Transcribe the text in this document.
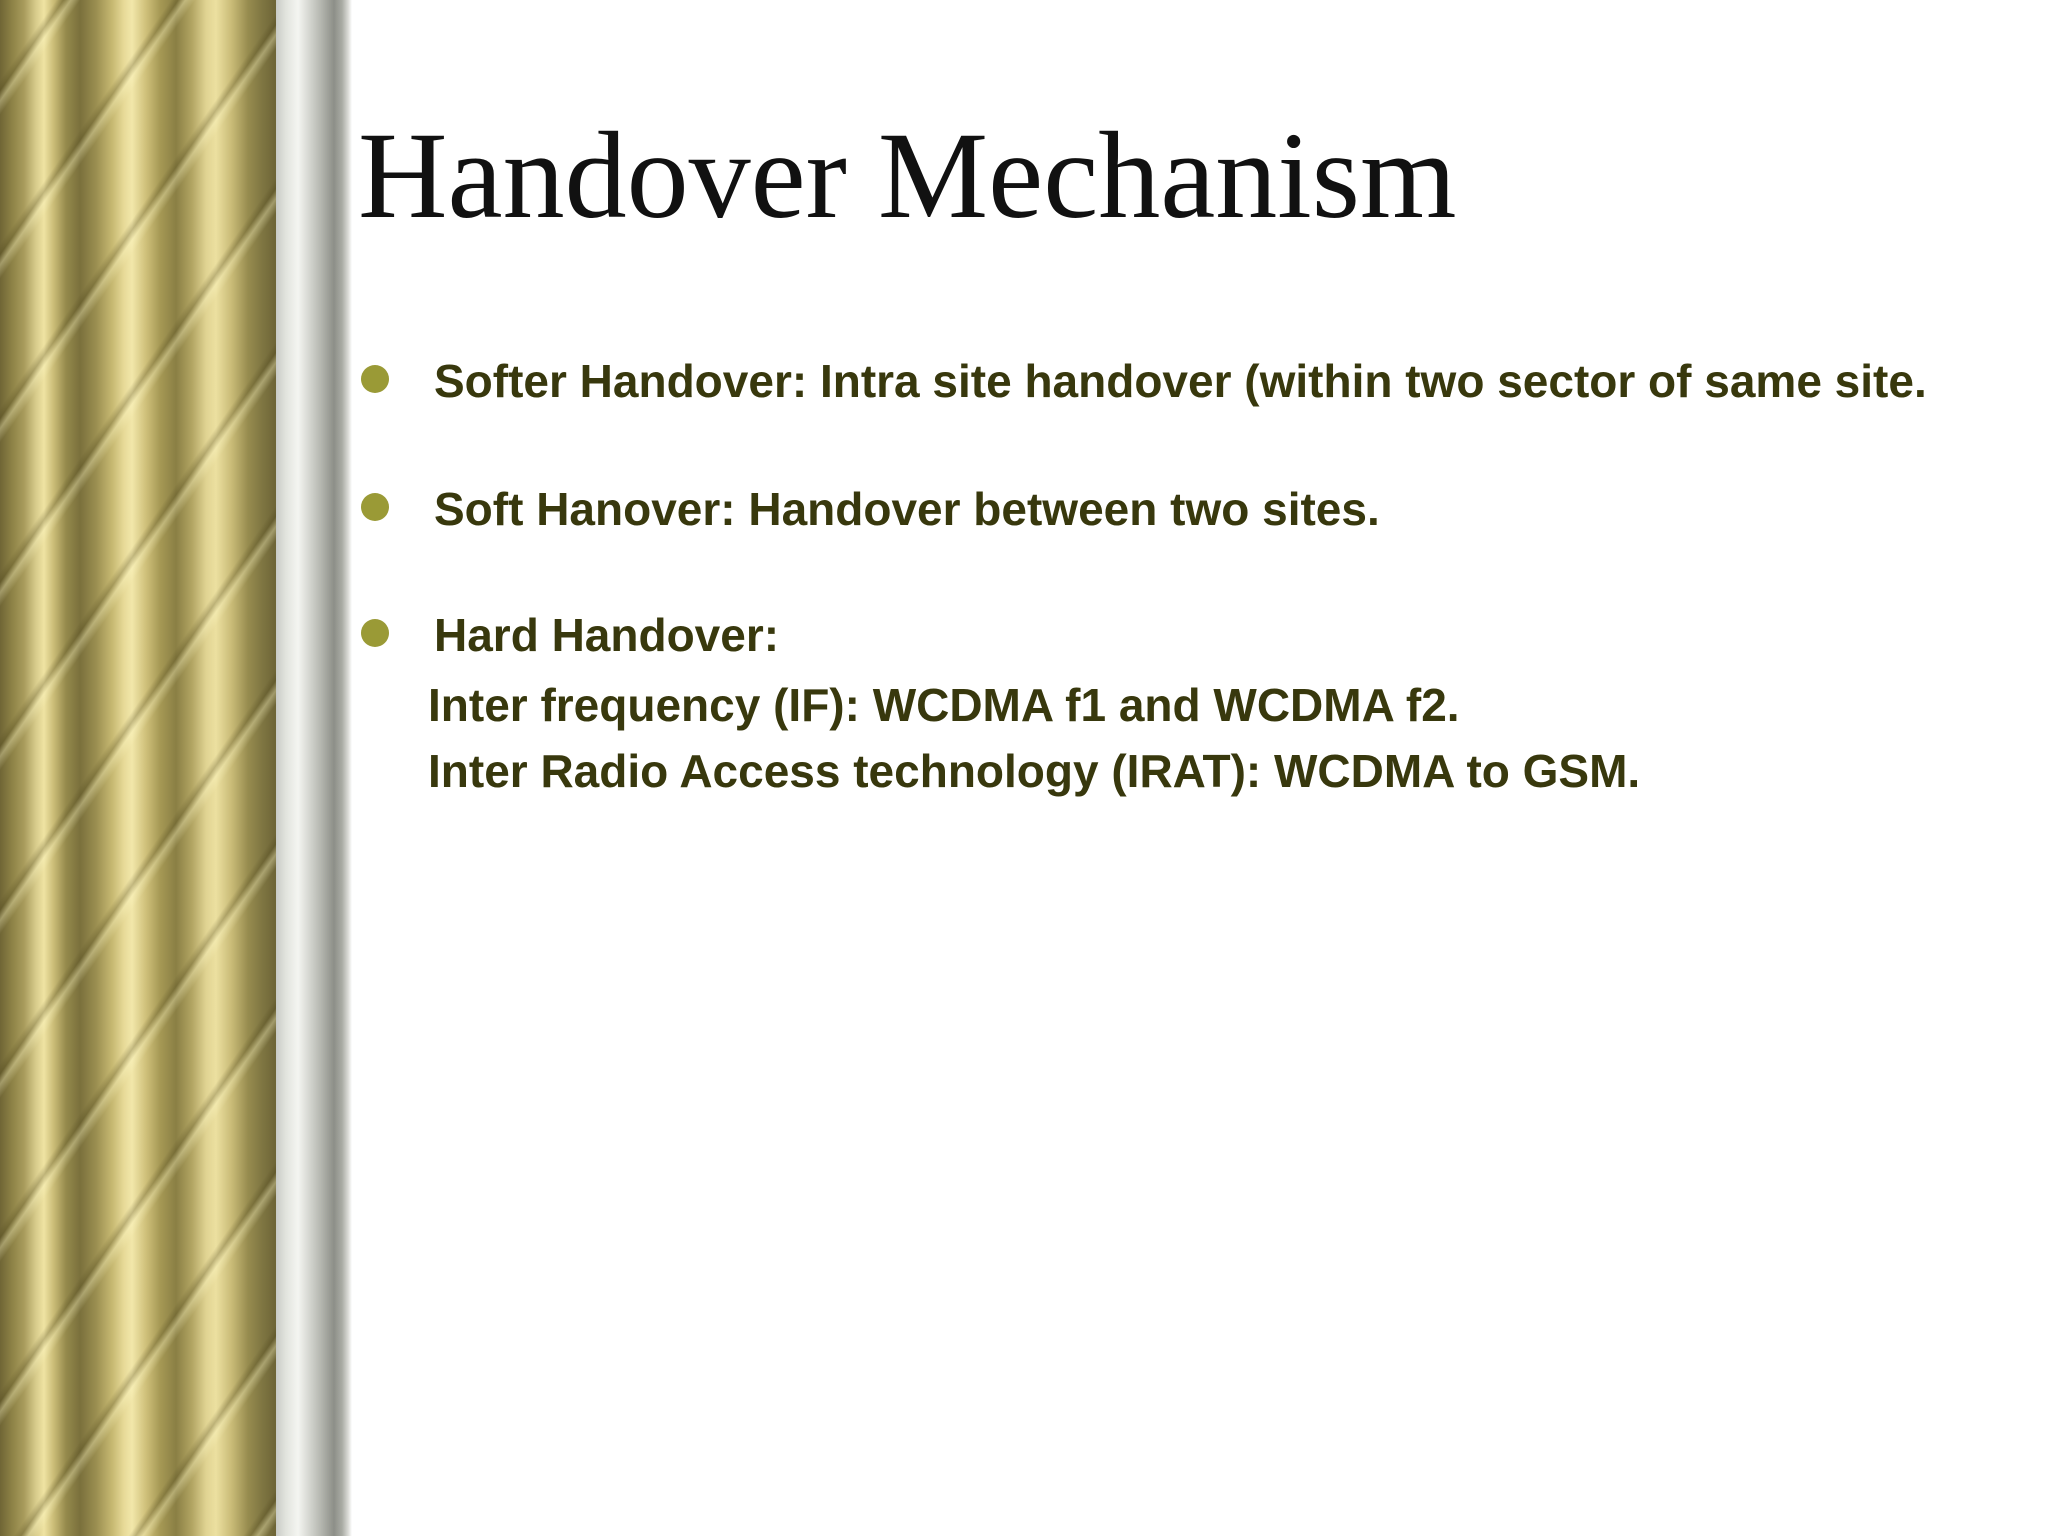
Handover Mechanism
Softer Handover: Intra site handover (within two sector of same site.
Soft Hanover: Handover between two sites.
Hard Handover:
Inter frequency (IF): WCDMA f1 and WCDMA f2.
Inter Radio Access technology (IRAT): WCDMA to GSM.
